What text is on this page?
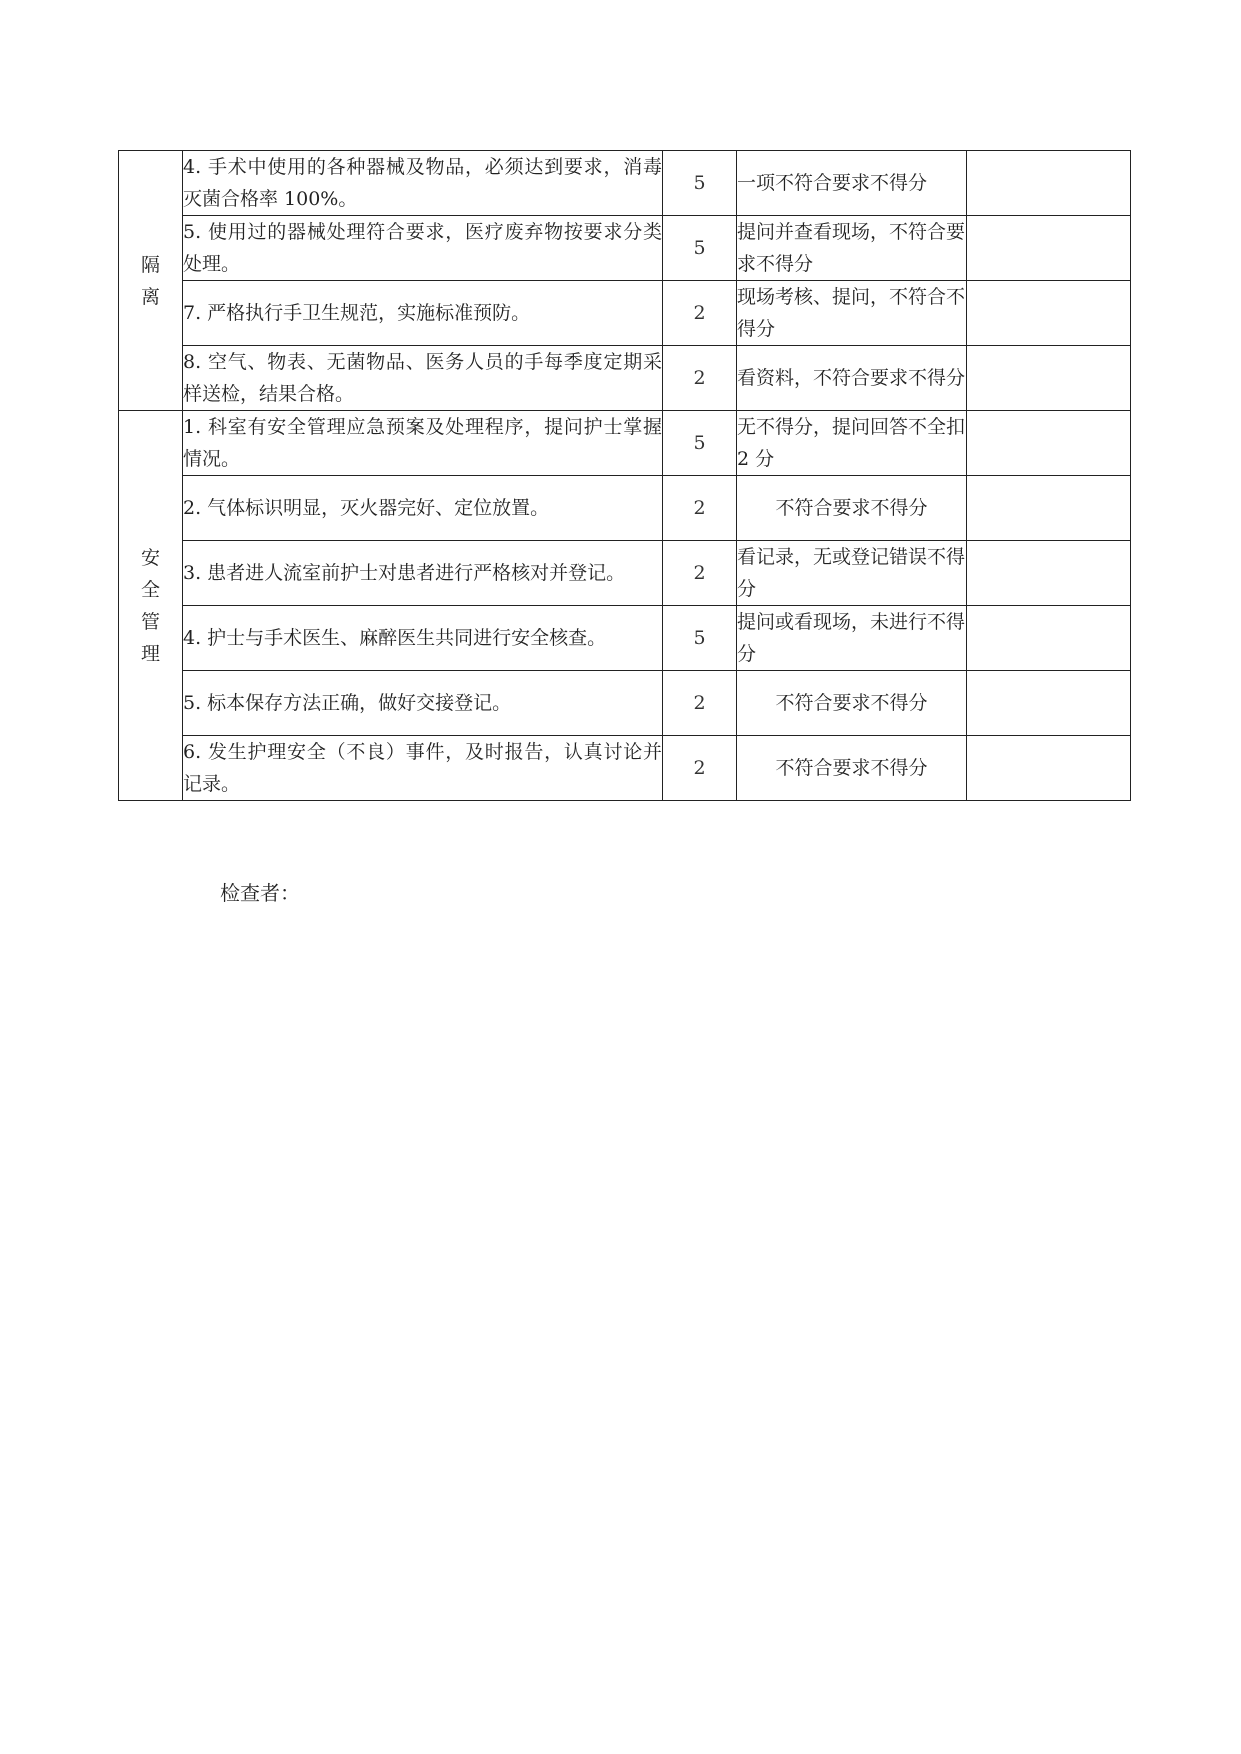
隔离	4. 手术中使用的各种器械及物品，必须达到要求，消毒灭菌合格率 100%。	5	一项不符合要求不得分	
	5. 使用过的器械处理符合要求，医疗废弃物按要求分类处理。	5	提问并查看现场，不符合要求不得分	
	7. 严格执行手卫生规范，实施标准预防。	2	现场考核、提问，不符合不得分	
	8. 空气、物表、无菌物品、医务人员的手每季度定期采样送检，结果合格。	2	看资料，不符合要求不得分	
安全管理	1. 科室有安全管理应急预案及处理程序，提问护士掌握情况。	5	无不得分，提问回答不全扣 2 分	
	2. 气体标识明显，灭火器完好、定位放置。	2	不符合要求不得分	
	3. 患者进人流室前护士对患者进行严格核对并登记。	2	看记录，无或登记错误不得分	
	4. 护士与手术医生、麻醉医生共同进行安全核查。	5	提问或看现场，未进行不得分	
	5. 标本保存方法正确，做好交接登记。	2	不符合要求不得分	
	6. 发生护理安全（不良）事件，及时报告，认真讨论并记录。	2	不符合要求不得分	
检查者：
